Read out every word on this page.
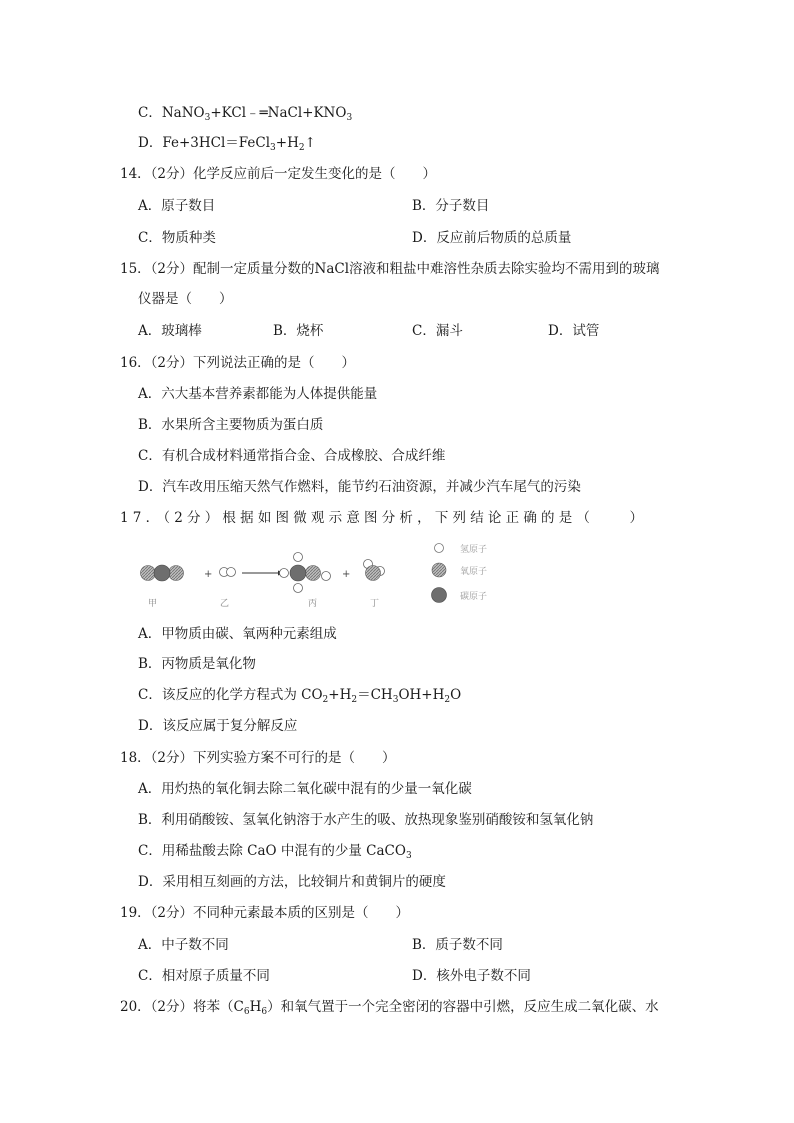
C．$NaNO_3+KCl﹣═NaCl+KNO_3$
D．$Fe+3HCl=FeCl_3+H_2↑$
14．（2分）化学反应前后一定发生变化的是（　　）
A．原子数目	B．分子数目
C．物质种类	D．反应前后物质的总质量
15．（2分）配制一定质量分数的NaCl溶液和粗盐中难溶性杂质去除实验均不需用到的玻璃
仪器是（　　）
A．玻璃棒	B．烧杯	C．漏斗	D．试管
16．（2分）下列说法正确的是（　　）
A．六大基本营养素都能为人体提供能量
B．水果所含主要物质为蛋白质
C．有机合成材料通常指合金、合成橡胶、合成纤维
D．汽车改用压缩天然气作燃料，能节约石油资源，并减少汽车尾气的污染
17．（2分）根据如图微观示意图分析，下列结论正确的是（　　）
+	+
甲	乙	丙	丁
氢原子
氧原子
碳原子
A．甲物质由碳、氧两种元素组成
B．丙物质是氧化物
C．该反应的化学方程式为 $CO_2+H_2=CH_3OH+H_2O$
D．该反应属于复分解反应
18．（2分）下列实验方案不可行的是（　　）
A．用灼热的氧化铜去除二氧化碳中混有的少量一氧化碳
B．利用硝酸铵、氢氧化钠溶于水产生的吸、放热现象鉴别硝酸铵和氢氧化钠
C．用稀盐酸去除 CaO 中混有的少量 CaCO$_3$
D．采用相互刻画的方法，比较铜片和黄铜片的硬度
19．（2分）不同种元素最本质的区别是（　　）
A．中子数不同	B．质子数不同
C．相对原子质量不同	D．核外电子数不同
20．（2分）将苯$(C_6H_6)$和氧气置于一个完全密闭的容器中引燃，反应生成二氧化碳、水
